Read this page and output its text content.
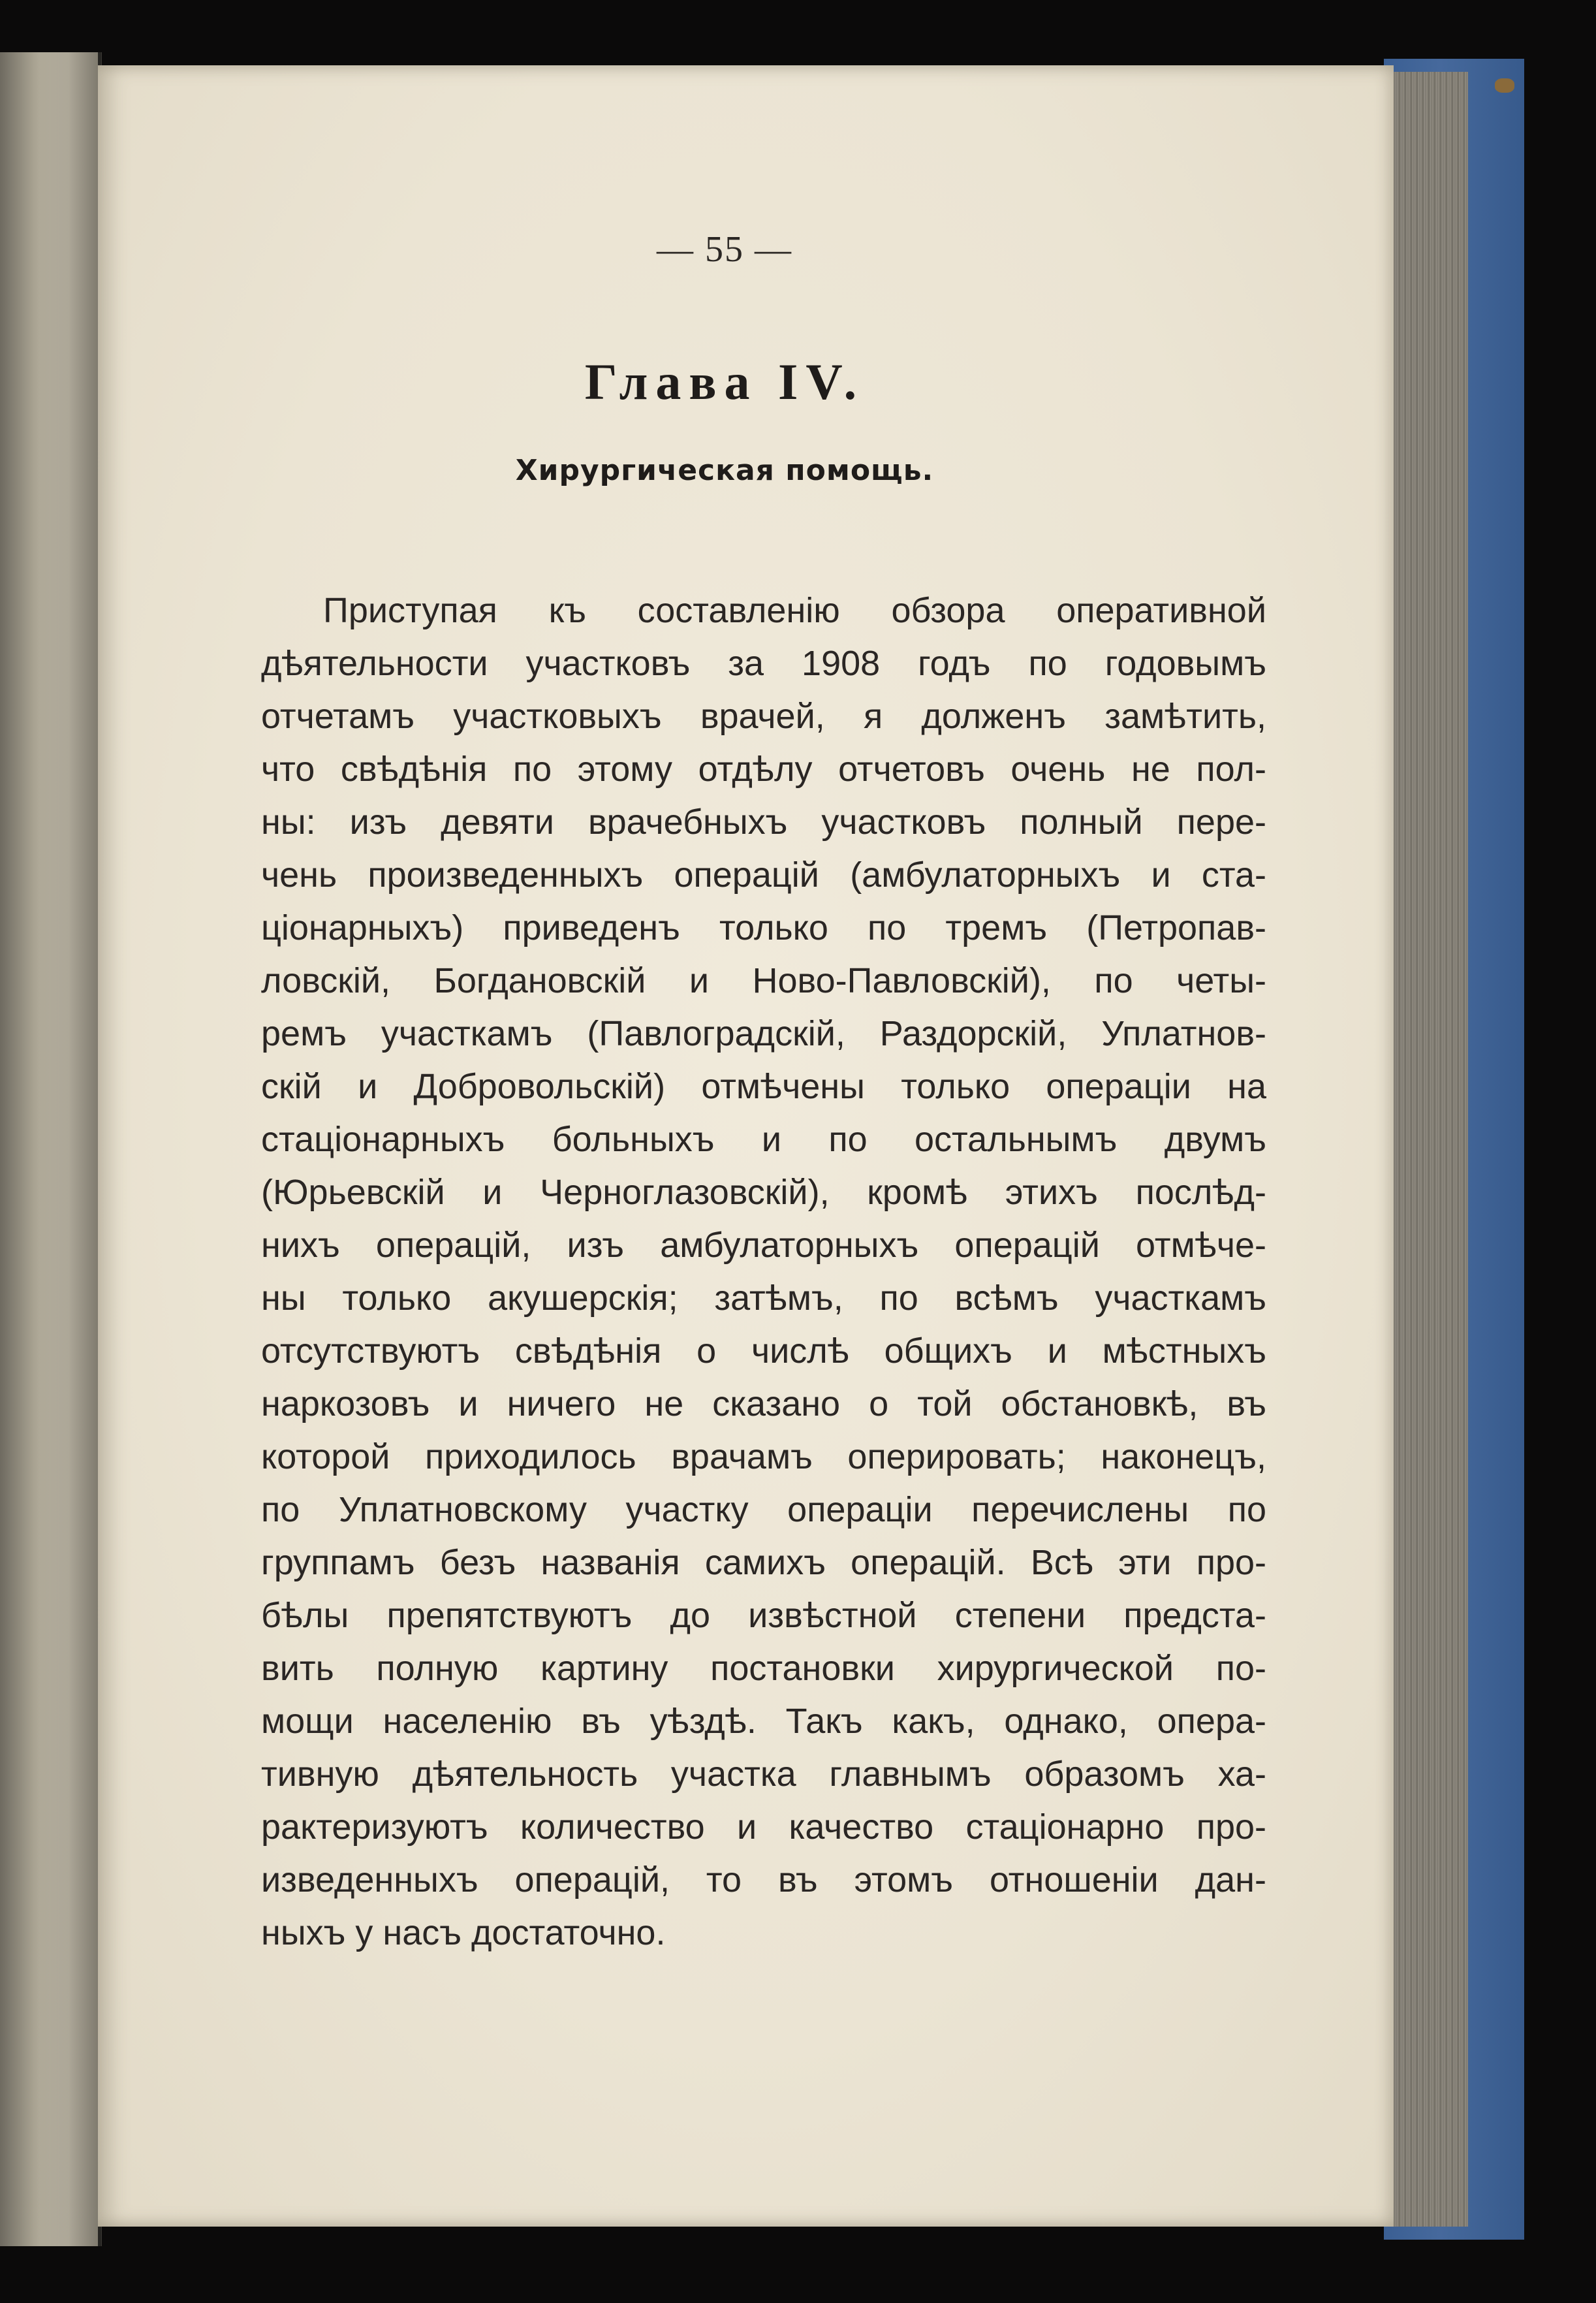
— 55 —
Глава IV.
Хирургическая помощь.
Приступая къ составленію обзора оперативной
дѣятельности участковъ за 1908 годъ по годовымъ
отчетамъ участковыхъ врачей, я долженъ замѣтить,
что свѣдѣнія по этому отдѣлу отчетовъ очень не пол-
ны: изъ девяти врачебныхъ участковъ полный пере-
чень произведенныхъ операцій (амбулаторныхъ и ста-
ціонарныхъ) приведенъ только по тремъ (Петропав-
ловскій, Богдановскій и Ново-Павловскій), по четы-
ремъ участкамъ (Павлоградскій, Раздорскій, Уплатнов-
скій и Добровольскій) отмѣчены только операціи на
стаціонарныхъ больныхъ и по остальнымъ двумъ
(Юрьевскій и Черноглазовскій), кромѣ этихъ послѣд-
нихъ операцій, изъ амбулаторныхъ операцій отмѣче-
ны только акушерскія; затѣмъ, по всѣмъ участкамъ
отсутствуютъ свѣдѣнія о числѣ общихъ и мѣстныхъ
наркозовъ и ничего не сказано о той обстановкѣ, въ
которой приходилось врачамъ оперировать; наконецъ,
по Уплатновскому участку операціи перечислены по
группамъ безъ названія самихъ операцій. Всѣ эти про-
бѣлы препятствуютъ до извѣстной степени предста-
вить полную картину постановки хирургической по-
мощи населенію въ уѣздѣ. Такъ какъ, однако, опера-
тивную дѣятельность участка главнымъ образомъ ха-
рактеризуютъ количество и качество стаціонарно про-
изведенныхъ операцій, то въ этомъ отношеніи дан-
ныхъ у насъ достаточно.
